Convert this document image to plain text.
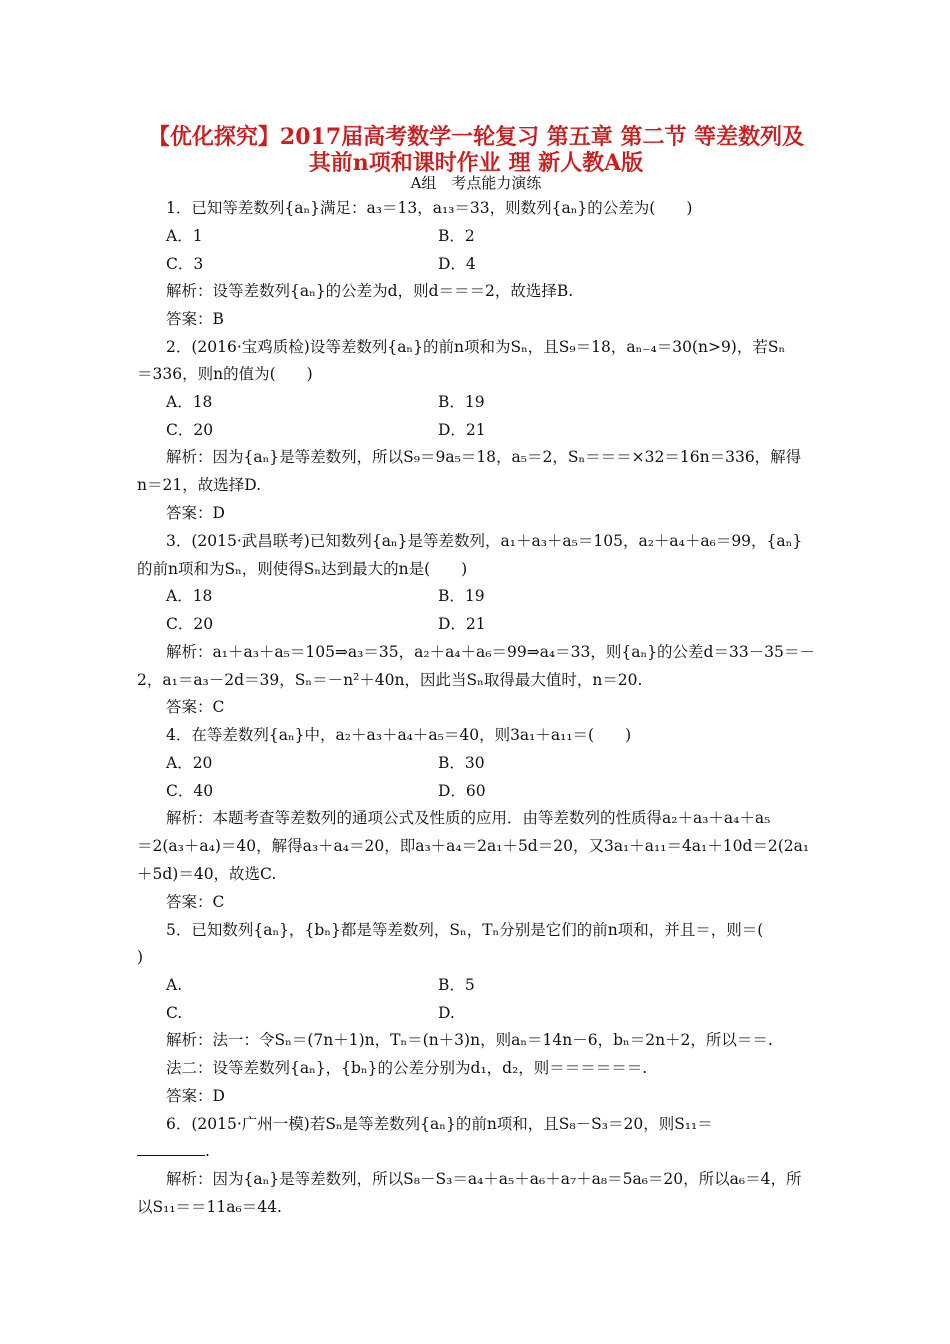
【优化探究】2017届高考数学一轮复习 第五章 第二节 等差数列及
其前n项和课时作业 理 新人教A版
A组　考点能力演练
1．已知等差数列{aₙ}满足：a₃＝13，a₁₃＝33，则数列{aₙ}的公差为(　　)
A．1	B．2
C．3	D．4
解析：设等差数列{aₙ}的公差为d，则d＝＝＝2，故选择B.
答案：B
2．(2016·宝鸡质检)设等差数列{aₙ}的前n项和为Sₙ，且S₉＝18，aₙ₋₄＝30(n>9)，若Sₙ
＝336，则n的值为(　　)
A．18	B．19
C．20	D．21
解析：因为{aₙ}是等差数列，所以S₉＝9a₅＝18，a₅＝2，Sₙ＝＝＝×32＝16n＝336，解得
n＝21，故选择D.
答案：D
3．(2015·武昌联考)已知数列{aₙ}是等差数列，a₁＋a₃＋a₅＝105，a₂＋a₄＋a₆＝99，{aₙ}
的前n项和为Sₙ，则使得Sₙ达到最大的n是(　　)
A．18	B．19
C．20	D．21
解析：a₁＋a₃＋a₅＝105⇒a₃＝35，a₂＋a₄＋a₆＝99⇒a₄＝33，则{aₙ}的公差d＝33－35＝－
2，a₁＝a₃－2d＝39，Sₙ＝－n²＋40n，因此当Sₙ取得最大值时，n＝20.
答案：C
4．在等差数列{aₙ}中，a₂＋a₃＋a₄＋a₅＝40，则3a₁＋a₁₁＝(　　)
A．20	B．30
C．40	D．60
解析：本题考查等差数列的通项公式及性质的应用．由等差数列的性质得a₂＋a₃＋a₄＋a₅
＝2(a₃＋a₄)＝40，解得a₃＋a₄＝20，即a₃＋a₄＝2a₁＋5d＝20，又3a₁＋a₁₁＝4a₁＋10d＝2(2a₁
＋5d)＝40，故选C.
答案：C
5．已知数列{aₙ}，{bₙ}都是等差数列，Sₙ，Tₙ分别是它们的前n项和，并且＝，则＝(
)
A.	B．5
C.	D.
解析：法一：令Sₙ＝(7n＋1)n，Tₙ＝(n＋3)n，则aₙ＝14n－6，bₙ＝2n＋2，所以＝＝.
法二：设等差数列{aₙ}，{bₙ}的公差分别为d₁，d₂，则＝＝＝＝＝＝.
答案：D
6．(2015·广州一模)若Sₙ是等差数列{aₙ}的前n项和，且S₈－S₃＝20，则S₁₁＝
.
解析：因为{aₙ}是等差数列，所以S₈－S₃＝a₄＋a₅＋a₆＋a₇＋a₈＝5a₆＝20，所以a₆＝4，所
以S₁₁＝＝11a₆＝44.
